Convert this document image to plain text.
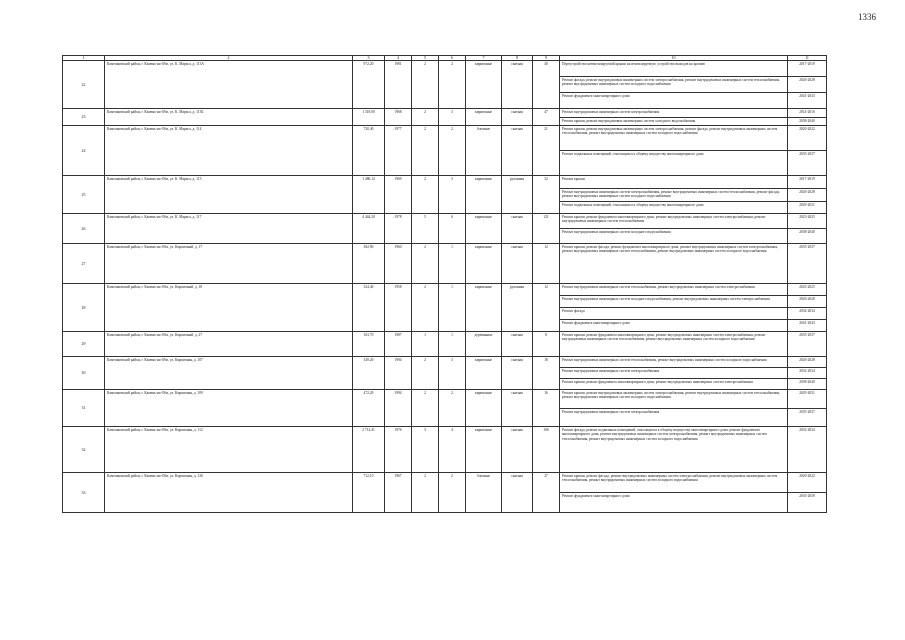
1336
1	2	3	4	5	6	7	8	9	10	11
22	Камешковский район, г. Камень-на-Оби, ул. К. Маркса, д. 113А	972,20	1981	2	2	кирпичные	скатная	40	Переустройство невентилируемой крыши на вентилируемую, устройство выходов на кровлю	2017-2019
									Ремонт фасада, ремонт внутридомовых инженерных систем электроснабжения, ремонт внутридомовых инженерных систем теплоснабжения, ремонт внутридомовых инженерных систем холодного водоснабжения	2026-2028
									Ремонт фундамента многоквартирного дома	2041-2043
23	Камешковский район, г. Камень-на-Оби, ул. К. Маркса, д. 113Б	1 318,00	1968	2	3	кирпичные	скатная	47	Ремонт внутридомовых инженерных систем электроснабжения	2014-2016
									Ремонт крыши, ремонт внутридомовых инженерных систем холодного водоснабжения	2038-2040
24	Камешковский район, г. Камень-на-Оби, ул. К. Маркса, д. 114	720,40	1977	2	2	блочные	скатная	21	Ремонт крыши, ремонт внутридомовых инженерных систем электроснабжения, ремонт фасада, ремонт внутридомовых инженерных систем теплоснабжения, ремонт внутридомовых инженерных систем холодного водоснабжения	2020-2022
									Ремонт подвальных помещений, относящихся к общему имуществу многоквартирного дома	2035-2037
25	Камешковский район, г. Камень-на-Оби, ул. К. Маркса, д. 115	1 486,12	1969	2	3	кирпичные	рулонная	32	Ремонт крыши	2017-2019
									Ремонт внутридомовых инженерных систем электроснабжения, ремонт внутридомовых инженерных систем теплоснабжения, ремонт фасада, ремонт внутридомовых инженерных систем холодного водоснабжения	2026-2028
									Ремонт подвальных помещений, относящихся к общему имуществу многоквартирного дома	2029-2031
26	Камешковский район, г. Камень-на-Оби, ул. К. Маркса, д. 117	4 444,20	1978	5	6	кирпичные	скатная	121	Ремонт крыши, ремонт фундамента многоквартирного дома, ремонт внутридомовых инженерных систем электроснабжения, ремонт внутридомовых инженерных систем теплоснабжения	2023-2025
									Ремонт внутридомовых инженерных систем холодного водоснабжения	2038-2040
27	Камешковский район, г. Камень-на-Оби, ул. Кирпичный, д. 17	382,90	1960	2	1	кирпичные	скатная	12	Ремонт крыши, ремонт фасада, ремонт фундамента многоквартирного дома, ремонт внутридомовых инженерных систем электроснабжения, ремонт внутридомовых инженерных систем теплоснабжения, ремонт внутридомовых инженерных систем холодного водоснабжения	2035-2037
28	Камешковский район, г. Камень-на-Оби, ул. Кирпичный, д. 18	324,40	1958	2	1	кирпичные	рулонная	12	Ремонт внутридомовых инженерных систем теплоснабжения, ремонт внутридомовых инженерных систем электроснабжения	2023-2025
									Ремонт внутридомовых инженерных систем холодного водоснабжения, ремонт внутридомовых инженерных систем электроснабжения	2026-2028
									Ремонт фасада	2032-2034
									Ремонт фундамента многоквартирного дома	2041-2043
29	Камешковский район, г. Камень-на-Оби, ул. Кирпичный, д. 27	163,70	1987	1	1	деревянные	скатная	8	Ремонт крыши, ремонт фундамента многоквартирного дома, ремонт внутридомовых инженерных систем электроснабжения, ремонт внутридомовых инженерных систем теплоснабжения, ремонт внутридомовых инженерных систем холодного водоснабжения	2035-2037
30	Камешковский район, г. Камень-на-Оби, ул. Кирпичная, д. 107	349,20	1994	2	3	кирпичные	скатная	18	Ремонт внутридомовых инженерных систем теплоснабжения, ремонт внутридомовых инженерных систем холодного водоснабжения	2026-2028
									Ремонт внутридомовых инженерных систем электроснабжения	2032-2034
									Ремонт крыши, ремонт фундамента многоквартирного дома, ремонт внутридомовых инженерных систем электроснабжения	2038-2040
31	Камешковский район, г. Камень-на-Оби, ул. Кирпичная, д. 109	472,20	1994	2	2	кирпичные	скатная	16	Ремонт крыши, ремонт внутридомовых инженерных систем электроснабжения, ремонт внутридомовых инженерных систем теплоснабжения, ремонт внутридомовых инженерных систем холодного водоснабжения	2029-2031
									Ремонт внутридомовых инженерных систем электроснабжения	2035-2037
32	Камешковский район, г. Камень-на-Оби, ул. Кирпичная, д. 112	2 712,41	1976	3	4	кирпичные	скатная	106	Ремонт фасада, ремонт подвальных помещений, относящихся к общему имуществу многоквартирного дома, ремонт фундамента многоквартирного дома, ремонт внутридомовых инженерных систем электроснабжения, ремонт внутридомовых инженерных систем теплоснабжения, ремонт внутридомовых инженерных систем холодного водоснабжения	2032-2034
33	Камешковский район, г. Камень-на-Оби, ул. Кирпичная, д. 126	712,10	1967	2	2	блочные	скатная	27	Ремонт крыши, ремонт фасада, ремонт внутридомовых инженерных систем электроснабжения, ремонт внутридомовых инженерных систем теплоснабжения, ремонт внутридомовых инженерных систем холодного водоснабжения	2020-2022
									Ремонт фундамента многоквартирного дома	2035-2039
